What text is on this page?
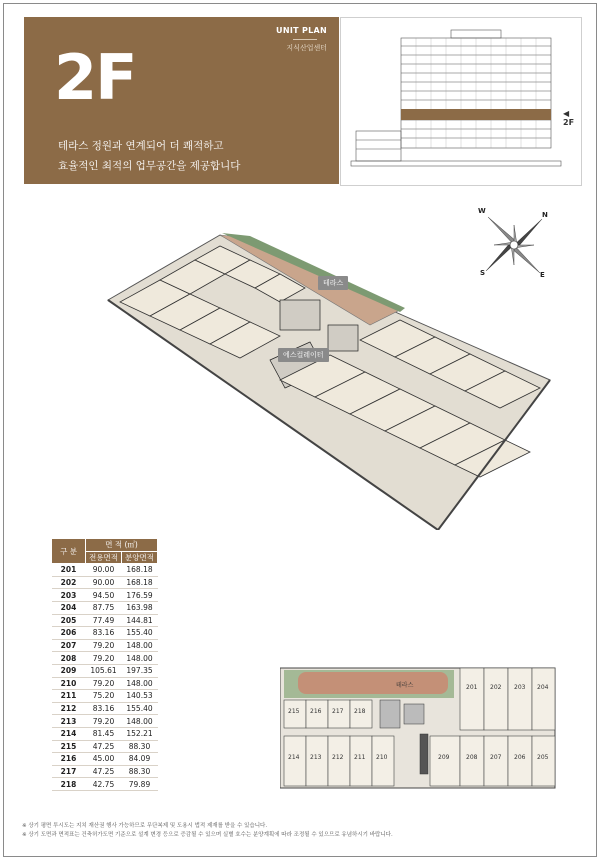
UNIT PLAN
지식산업센터
2F
테라스 정원과 연계되어 더 쾌적하고
효율적인 최적의 업무공간을 제공합니다
◀ 2F
N
E
S
W
테라스
에스컬레이터
구 분	면 적 (㎡)	
	전용면적	분양면적
201	90.00	168.18
202	90.00	168.18
203	94.50	176.59
204	87.75	163.98
205	77.49	144.81
206	83.16	155.40
207	79.20	148.00
208	79.20	148.00
209	105.61	197.35
210	79.20	148.00
211	75.20	140.53
212	83.16	155.40
213	79.20	148.00
214	81.45	152.21
215	47.25	88.30
216	45.00	84.09
217	47.25	88.30
218	42.75	79.89
테라스	201 202 203 204
215 216 217 218
214 213 212 211 210	209	208 207 206 205
※ 상기 평면 투시도는 지치 재산권 행사 가능하므로 무단복제 및 도용시 법적 제재를 받을 수 있습니다.
※ 상기 도면과 면적표는 건축허가도면 기준으로 설계 변경 등으로 증감될 수 있으며 실별 호수는 분양계획에 따라 조정될 수 있으므로 유념하시기 바랍니다.
